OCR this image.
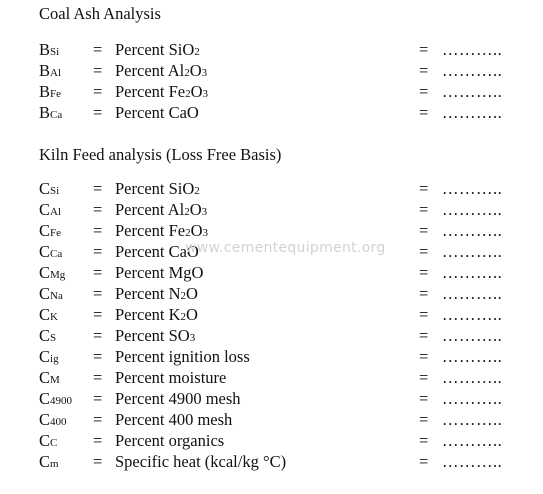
Coal Ash Analysis
BSi = Percent SiO2	= ………..
BAl = Percent Al2O3	= ………..
BFe = Percent Fe2O3	= ………..
BCa = Percent CaO	= ………..
Kiln Feed analysis (Loss Free Basis)
CSi = Percent SiO2	= ………..
CAl = Percent Al2O3	= ………..
CFe = Percent Fe2O3	= ………..
CCa = Percent CaO	= ………..
CMg = Percent MgO	= ………..
CNa = Percent N2O	= ………..
CK = Percent K2O	= ………..
CS = Percent SO3	= ………..
Cig = Percent ignition loss	= ………..
CM = Percent moisture	= ………..
C4900 = Percent 4900 mesh	= ………..
C400 = Percent 400 mesh	= ………..
CC = Percent organics	= ………..
Cm = Specific heat (kcal/kg °C)	= ………..
www.cementequipment.org
